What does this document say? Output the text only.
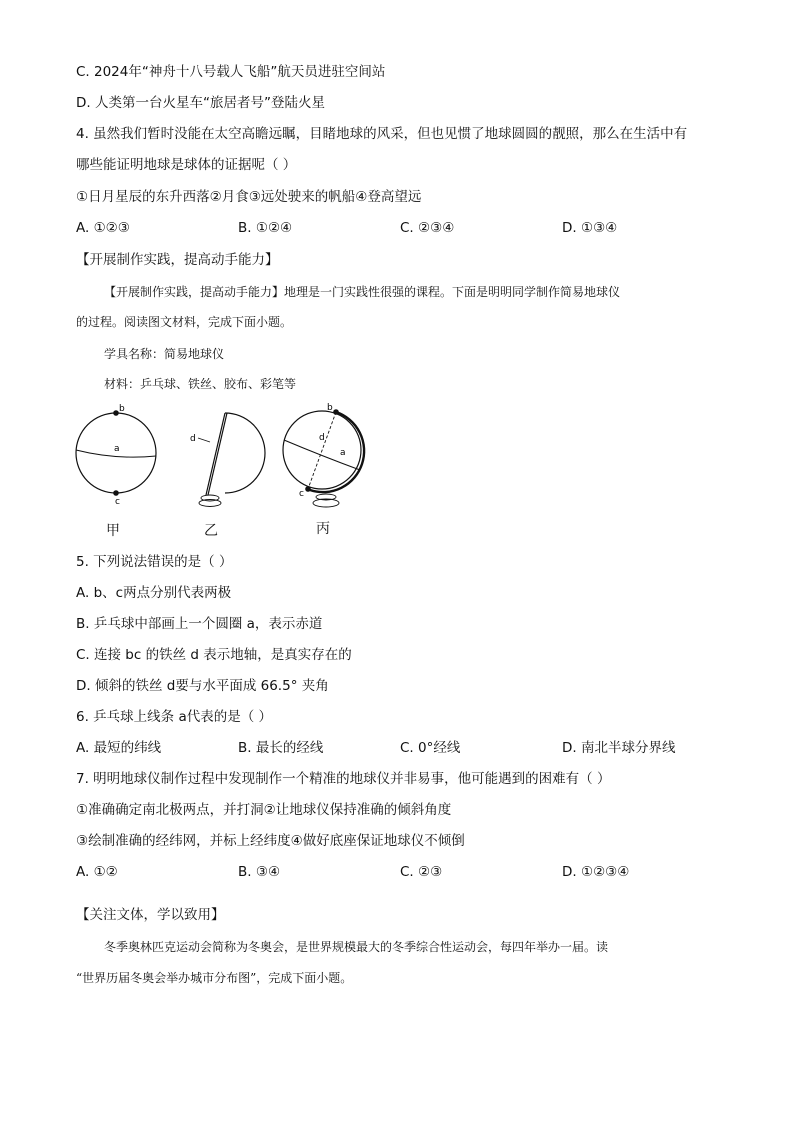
C. 2024年“神舟十八号载人飞船”航天员进驻空间站
D. 人类第一台火星车“旅居者号”登陆火星
4. 虽然我们暂时没能在太空高瞻远瞩，目睹地球的风采，但也见惯了地球圆圆的靓照，那么在生活中有
哪些能证明地球是球体的证据呢（ ）
①日月星辰的东升西落②月食③远处驶来的帆船④登高望远
A. ①②③	B. ①②④	C. ②③④	D. ①③④
【开展制作实践，提高动手能力】
【开展制作实践，提高动手能力】地理是一门实践性很强的课程。下面是明明同学制作简易地球仪
的过程。阅读图文材料，完成下面小题。
学具名称：简易地球仪
材料：乒乓球、铁丝、胶布、彩笔等
b
a
c
d
b
d
a
c
甲	乙	丙
5. 下列说法错误的是（ ）
A. b、c两点分别代表两极
B. 乒乓球中部画上一个圆圈 a，表示赤道
C. 连接 bc 的铁丝 d 表示地轴，是真实存在的
D. 倾斜的铁丝 d要与水平面成 66.5° 夹角
6. 乒乓球上线条 a代表的是（ ）
A. 最短的纬线	B. 最长的经线	C. 0°经线	D. 南北半球分界线
7. 明明地球仪制作过程中发现制作一个精准的地球仪并非易事，他可能遇到的困难有（ ）
①准确确定南北极两点，并打洞②让地球仪保持准确的倾斜角度
③绘制准确的经纬网，并标上经纬度④做好底座保证地球仪不倾倒
A. ①②	B. ③④	C. ②③	D. ①②③④
【关注文体，学以致用】
冬季奥林匹克运动会简称为冬奥会，是世界规模最大的冬季综合性运动会，每四年举办一届。读
“世界历届冬奥会举办城市分布图”，完成下面小题。
